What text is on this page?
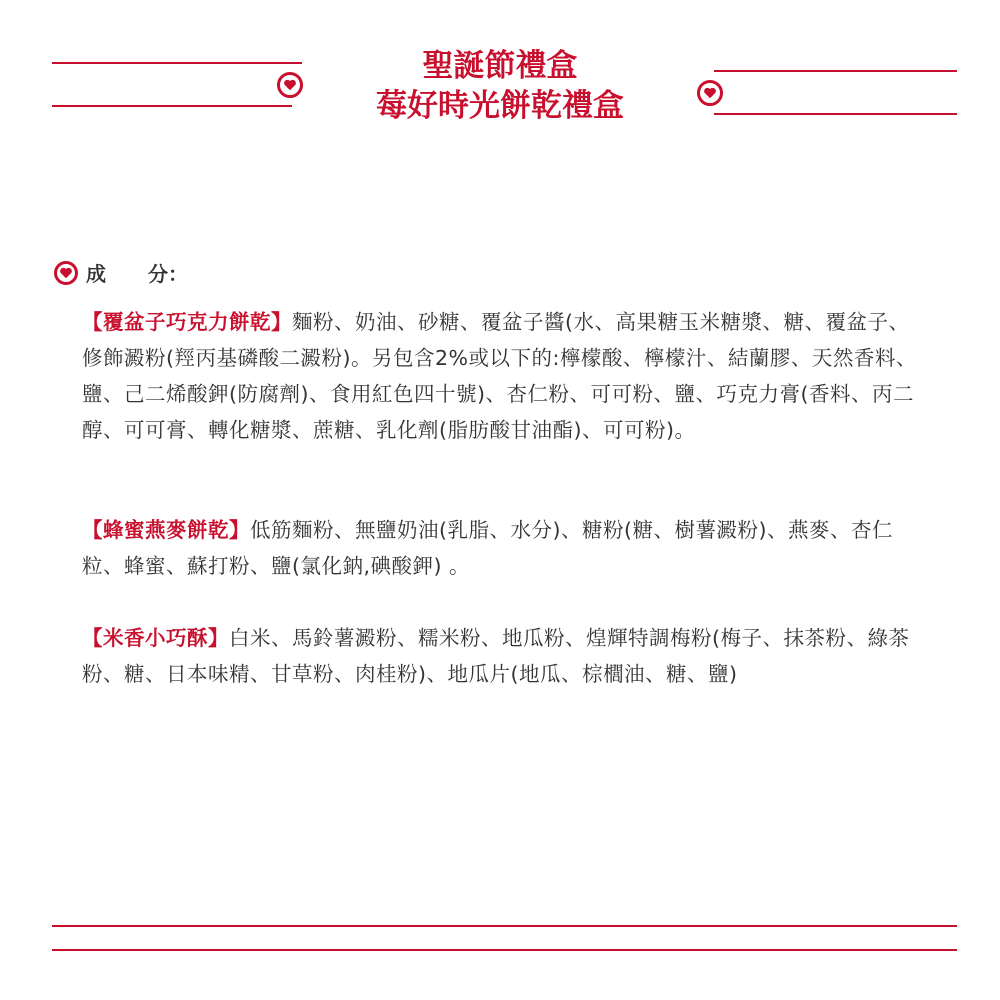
聖誕節禮盒
莓好時光餅乾禮盒
成 分：
【覆盆子巧克力餅乾】麵粉、奶油、砂糖、覆盆子醬(水、高果糖玉米糖漿、糖、覆盆子、修飾澱粉(羥丙基磷酸二澱粉)。另包含2%或以下的:檸檬酸、檸檬汁、結蘭膠、天然香料、鹽、己二烯酸鉀(防腐劑)、食用紅色四十號)、杏仁粉、可可粉、鹽、巧克力膏(香料、丙二醇、可可膏、轉化糖漿、蔗糖、乳化劑(脂肪酸甘油酯)、可可粉)。
【蜂蜜燕麥餅乾】低筋麵粉、無鹽奶油(乳脂、水分)、糖粉(糖、樹薯澱粉)、燕麥、杏仁粒、蜂蜜、蘇打粉、鹽(氯化鈉,碘酸鉀) 。
【米香小巧酥】白米、馬鈴薯澱粉、糯米粉、地瓜粉、煌輝特調梅粉(梅子、抹茶粉、綠茶粉、糖、日本味精、甘草粉、肉桂粉)、地瓜片(地瓜、棕櫚油、糖、鹽)
